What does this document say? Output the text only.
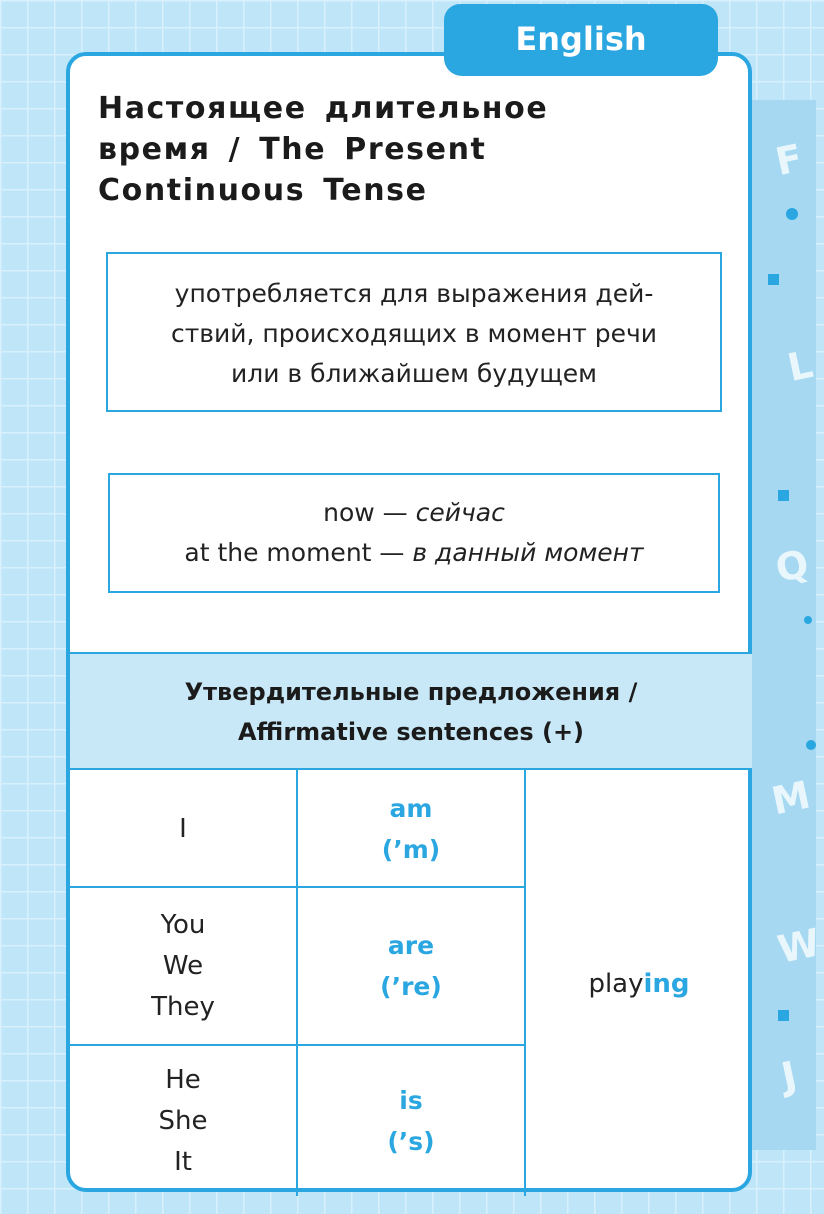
F
L
Q
M
W
J
Настоящее длительное
время / The Present
Continuous Tense

употребляется для выражения дей-

ствий, происходящих в момент речи

или в ближайшем будущем

now — сейчас

at the moment — в данный момент

Утвердительные предложения /

Affirmative sentences (+)

I
am
(’m)
You
We
They
are
(’re)
He
She
It
is
(’s)
playing
English
